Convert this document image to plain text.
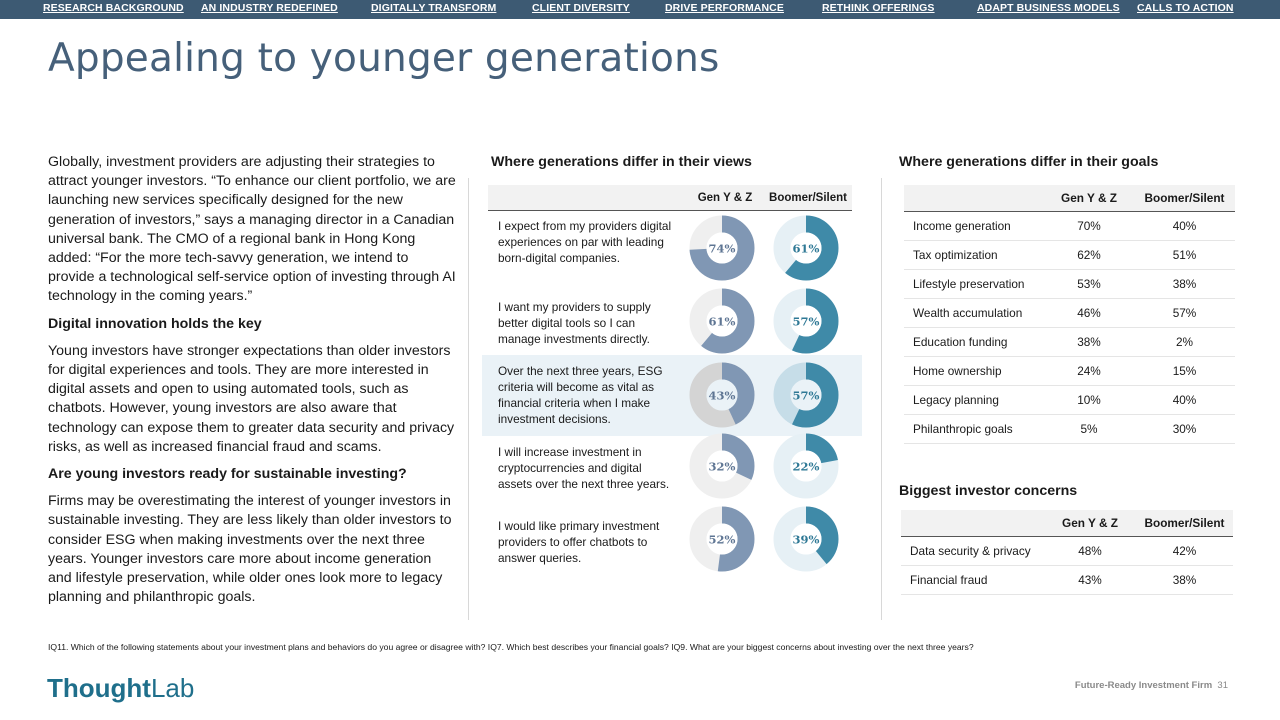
RESEARCH BACKGROUND AN INDUSTRY REDEFINED	DIGITALLY TRANSFORM	CLIENT DIVERSITY	DRIVE PERFORMANCE	RETHINK OFFERINGS	ADAPT BUSINESS MODELS CALLS TO ACTION
Appealing to younger generations

Globally, investment providers are adjusting their strategies to attract younger investors. “To enhance our client portfolio, we are launching new services specifically designed for the new generation of investors,” says a managing director in a Canadian universal bank. The CMO of a regional bank in Hong Kong added: “For the more tech-savvy generation, we intend to provide a technological self-service option of investing through AI technology in the coming years.”

Digital innovation holds the key

Young investors have stronger expectations than older investors for digital experiences and tools. They are more interested in digital assets and open to using automated tools, such as chatbots. However, young investors are also aware that technology can expose them to greater data security and privacy risks, as well as increased financial fraud and scams.

Are young investors ready for sustainable investing?

Firms may be overestimating the interest of younger investors in sustainable investing. They are less likely than older investors to consider ESG when making investments over the next three years. Younger investors care more about income generation and lifestyle preservation, while older ones look more to legacy planning and philanthropic goals.

Where generations differ in their views
Gen Y & Z	Boomer/Silent
I expect from my providers digital experiences on par with leading born-digital companies.
74%	61%
I want my providers to supply better digital tools so I can manage investments directly.
61%	57%
Over the next three years, ESG criteria will become as vital as financial criteria when I make investment decisions.
43%	57%
I will increase investment in cryptocurrencies and digital assets over the next three years.
32%	22%
I would like primary investment providers to offer chatbots to answer queries.
52%	39%
Where generations differ in their goals
	Gen Y & Z	Boomer/Silent
Income generation	70%	40%
Tax optimization	62%	51%
Lifestyle preservation	53%	38%
Wealth accumulation	46%	57%
Education funding	38%	2%
Home ownership	24%	15%
Legacy planning	10%	40%
Philanthropic goals	5%	30%
Biggest investor concerns
	Gen Y & Z	Boomer/Silent
Data security & privacy	48%	42%
Financial fraud	43%	38%
IQ11. Which of the following statements about your investment plans and behaviors do you agree or disagree with? IQ7. Which best describes your financial goals? IQ9. What are your biggest concerns about investing over the next three years?
ThoughtLab	Future-Ready Investment Firm 31
